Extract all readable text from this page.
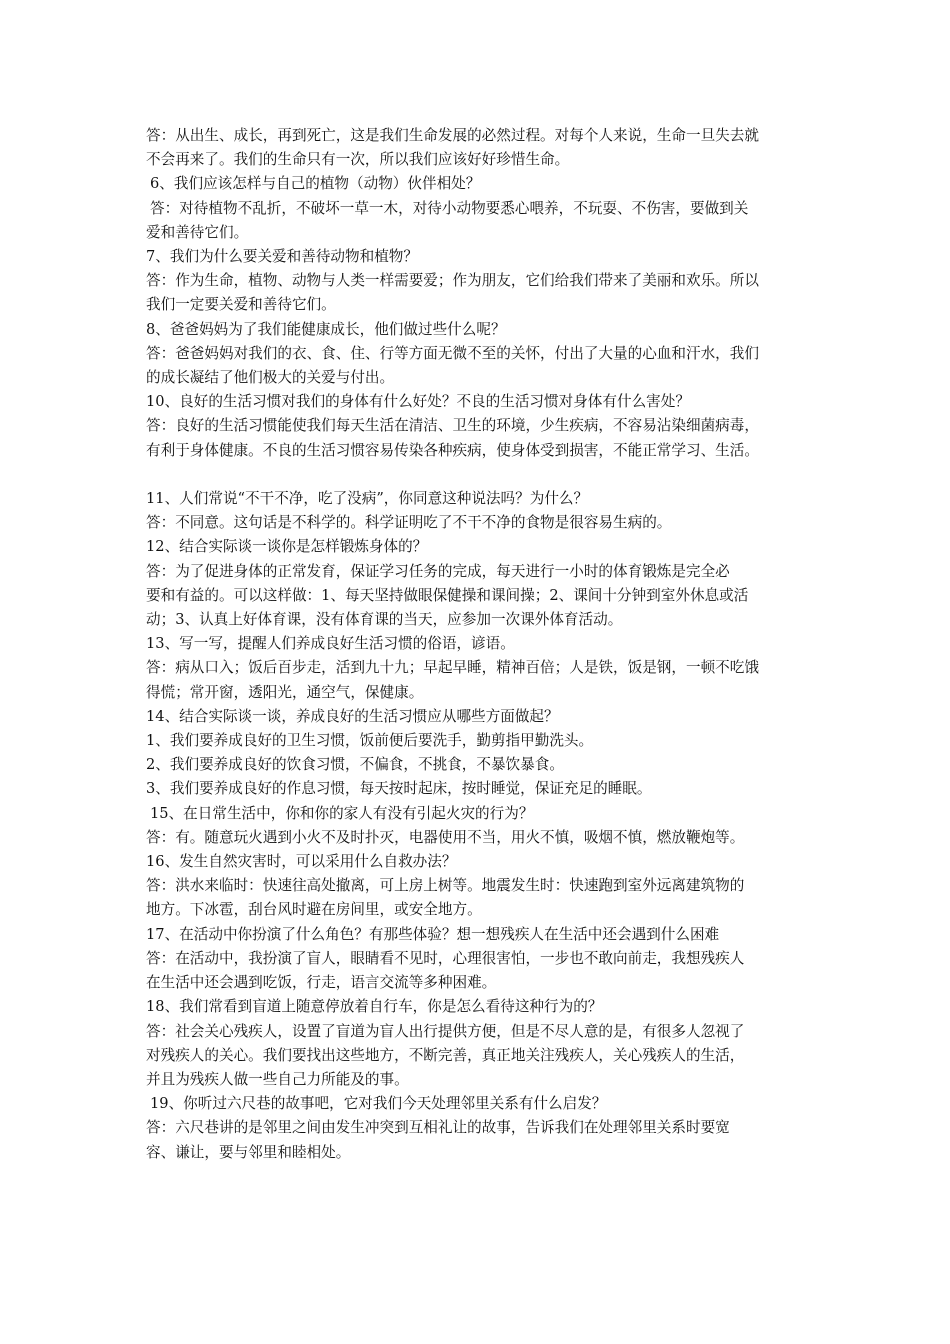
答：从出生、成长，再到死亡，这是我们生命发展的必然过程。对每个人来说，生命一旦失去就
不会再来了。我们的生命只有一次，所以我们应该好好珍惜生命。
6、我们应该怎样与自己的植物（动物）伙伴相处？
答：对待植物不乱折，不破坏一草一木，对待小动物要悉心喂养，不玩耍、不伤害，要做到关
爱和善待它们。
7、我们为什么要关爱和善待动物和植物？
答：作为生命，植物、动物与人类一样需要爱；作为朋友，它们给我们带来了美丽和欢乐。所以
我们一定要关爱和善待它们。
8、爸爸妈妈为了我们能健康成长，他们做过些什么呢？
答：爸爸妈妈对我们的衣、食、住、行等方面无微不至的关怀，付出了大量的心血和汗水，我们
的成长凝结了他们极大的关爱与付出。
10、良好的生活习惯对我们的身体有什么好处？不良的生活习惯对身体有什么害处？
答：良好的生活习惯能使我们每天生活在清洁、卫生的环境，少生疾病，不容易沾染细菌病毒，
有利于身体健康。不良的生活习惯容易传染各种疾病，使身体受到损害，不能正常学习、生活。
11、人们常说“不干不净，吃了没病”，你同意这种说法吗？为什么？
答：不同意。这句话是不科学的。科学证明吃了不干不净的食物是很容易生病的。
12、结合实际谈一谈你是怎样锻炼身体的？
答：为了促进身体的正常发育，保证学习任务的完成，每天进行一小时的体育锻炼是完全必
要和有益的。可以这样做：1、每天坚持做眼保健操和课间操；2、课间十分钟到室外休息或活
动；3、认真上好体育课，没有体育课的当天，应参加一次课外体育活动。
13、写一写，提醒人们养成良好生活习惯的俗语，谚语。
答：病从口入；饭后百步走，活到九十九；早起早睡，精神百倍；人是铁，饭是钢，一顿不吃饿
得慌；常开窗，透阳光，通空气，保健康。
14、结合实际谈一谈，养成良好的生活习惯应从哪些方面做起？
1、我们要养成良好的卫生习惯，饭前便后要洗手，勤剪指甲勤洗头。
2、我们要养成良好的饮食习惯，不偏食，不挑食，不暴饮暴食。
3、我们要养成良好的作息习惯，每天按时起床，按时睡觉，保证充足的睡眠。
15、在日常生活中，你和你的家人有没有引起火灾的行为？
答：有。随意玩火遇到小火不及时扑灭，电器使用不当，用火不慎，吸烟不慎，燃放鞭炮等。
16、发生自然灾害时，可以采用什么自救办法？
答：洪水来临时：快速往高处撤离，可上房上树等。地震发生时：快速跑到室外远离建筑物的
地方。下冰雹，刮台风时避在房间里，或安全地方。
17、在活动中你扮演了什么角色？有那些体验？想一想残疾人在生活中还会遇到什么困难
答：在活动中，我扮演了盲人，眼睛看不见时，心理很害怕，一步也不敢向前走，我想残疾人
在生活中还会遇到吃饭，行走，语言交流等多种困难。
18、我们常看到盲道上随意停放着自行车，你是怎么看待这种行为的？
答：社会关心残疾人，设置了盲道为盲人出行提供方便，但是不尽人意的是，有很多人忽视了
对残疾人的关心。我们要找出这些地方，不断完善，真正地关注残疾人，关心残疾人的生活，
并且为残疾人做一些自己力所能及的事。
19、你听过六尺巷的故事吧，它对我们今天处理邻里关系有什么启发？
答：六尺巷讲的是邻里之间由发生冲突到互相礼让的故事，告诉我们在处理邻里关系时要宽
容、谦让，要与邻里和睦相处。
